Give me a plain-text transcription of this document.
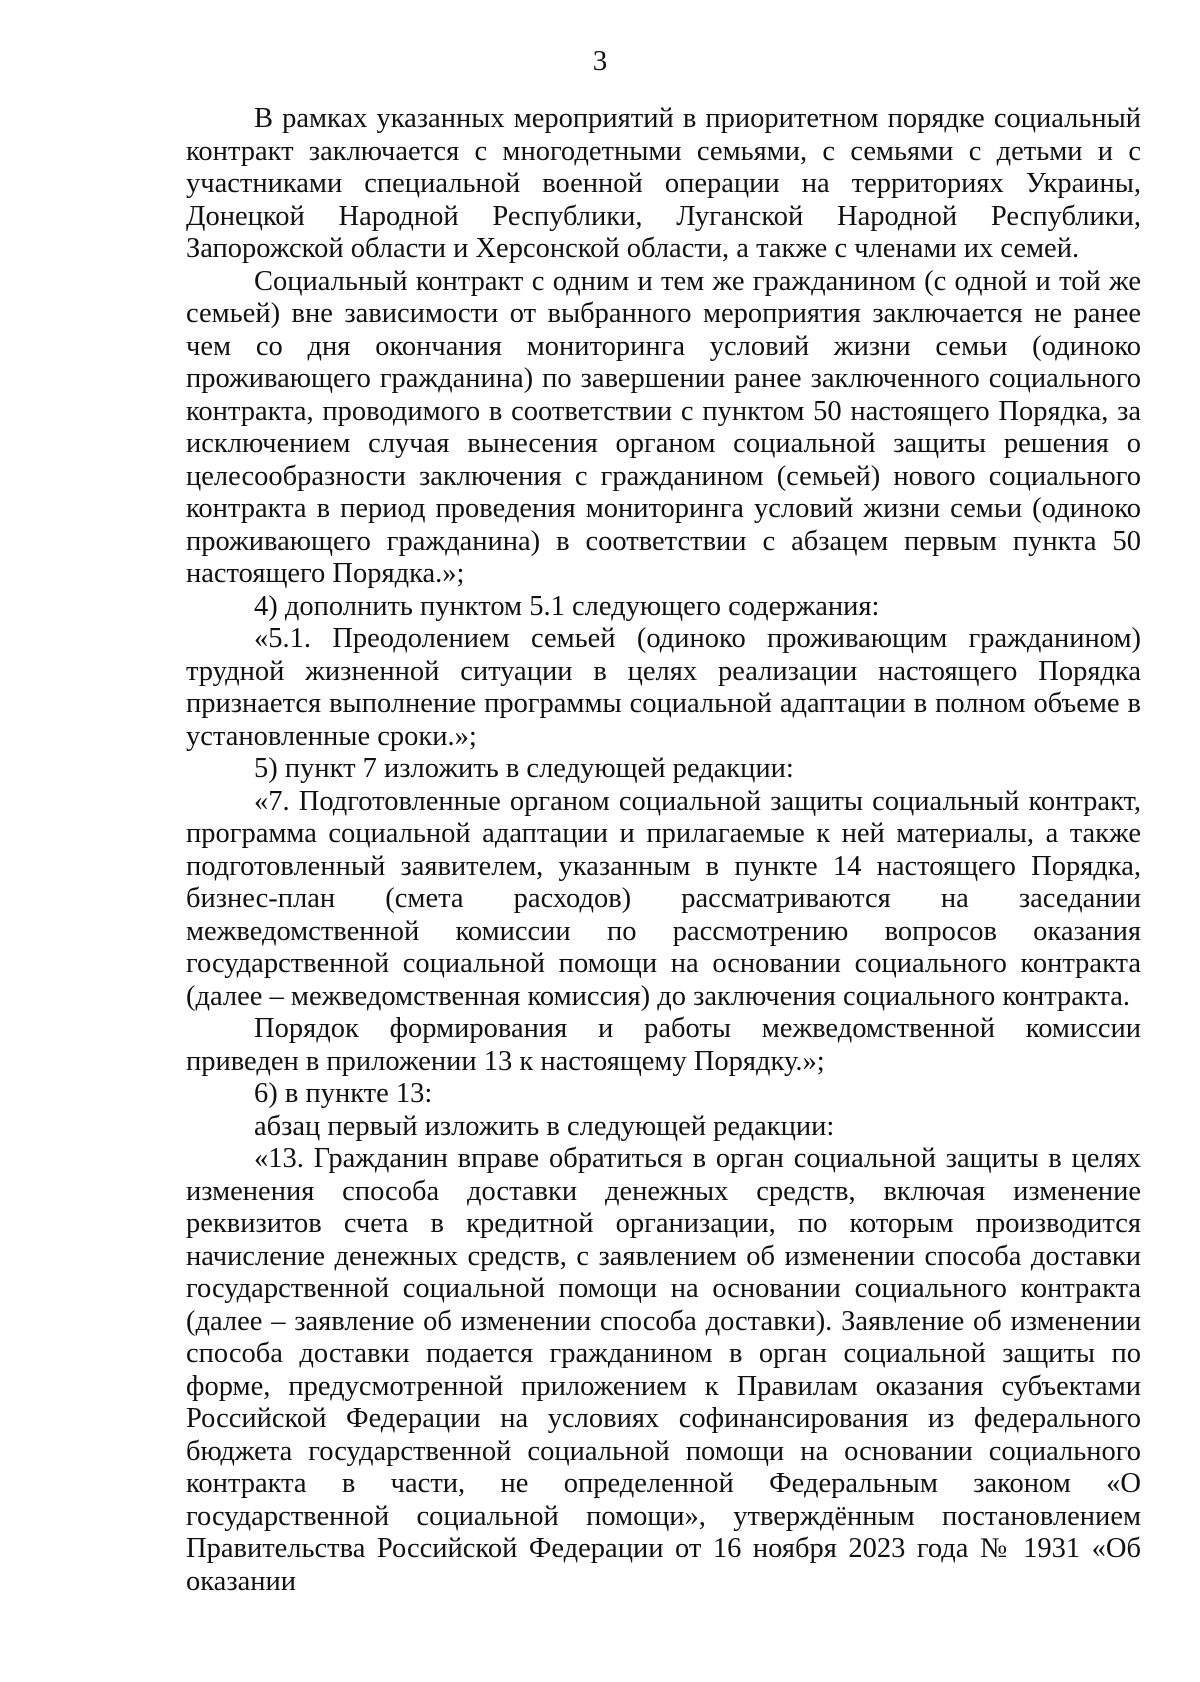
3

В рамках указанных мероприятий в приоритетном порядке социальный контракт заключается с многодетными семьями, с семьями с детьми и с участниками специальной военной операции на территориях Украины, Донецкой Народной Республики, Луганской Народной Республики, Запорожской области и Херсонской области, а также с членами их семей.

Социальный контракт с одним и тем же гражданином (с одной и той же семьей) вне зависимости от выбранного мероприятия заключается не ранее чем со дня окончания мониторинга условий жизни семьи (одиноко проживающего гражданина) по завершении ранее заключенного социального контракта, проводимого в соответствии с пунктом 50 настоящего Порядка, за исключением случая вынесения органом социальной защиты решения о целесообразности заключения с гражданином (семьей) нового социального контракта в период проведения мониторинга условий жизни семьи (одиноко проживающего гражданина) в соответствии с абзацем первым пункта 50 настоящего Порядка.»;

4) дополнить пунктом 5.1 следующего содержания:

«5.1. Преодолением семьей (одиноко проживающим гражданином) трудной жизненной ситуации в целях реализации настоящего Порядка признается выполнение программы социальной адаптации в полном объеме в установленные сроки.»;

5) пункт 7 изложить в следующей редакции:

«7. Подготовленные органом социальной защиты социальный контракт, программа социальной адаптации и прилагаемые к ней материалы, а также подготовленный заявителем, указанным в пункте 14 настоящего Порядка, бизнес-план (смета расходов) рассматриваются на заседании межведомственной комиссии по рассмотрению вопросов оказания государственной социальной помощи на основании социального контракта (далее – межведомственная комиссия) до заключения социального контракта.

Порядок формирования и работы межведомственной комиссии приведен в приложении 13 к настоящему Порядку.»;

6) в пункте 13:

абзац первый изложить в следующей редакции:

«13. Гражданин вправе обратиться в орган социальной защиты в целях изменения способа доставки денежных средств, включая изменение реквизитов счета в кредитной организации, по которым производится начисление денежных средств, с заявлением об изменении способа доставки государственной социальной помощи на основании социального контракта (далее – заявление об изменении способа доставки). Заявление об изменении способа доставки подается гражданином в орган социальной защиты по форме, предусмотренной приложением к Правилам оказания субъектами Российской Федерации на условиях софинансирования из федерального бюджета государственной социальной помощи на основании социального контракта в части, не определенной Федеральным законом «О государственной социальной помощи», утверждённым постановлением Правительства Российской Федерации от 16 ноября 2023 года № 1931 «Об оказании
